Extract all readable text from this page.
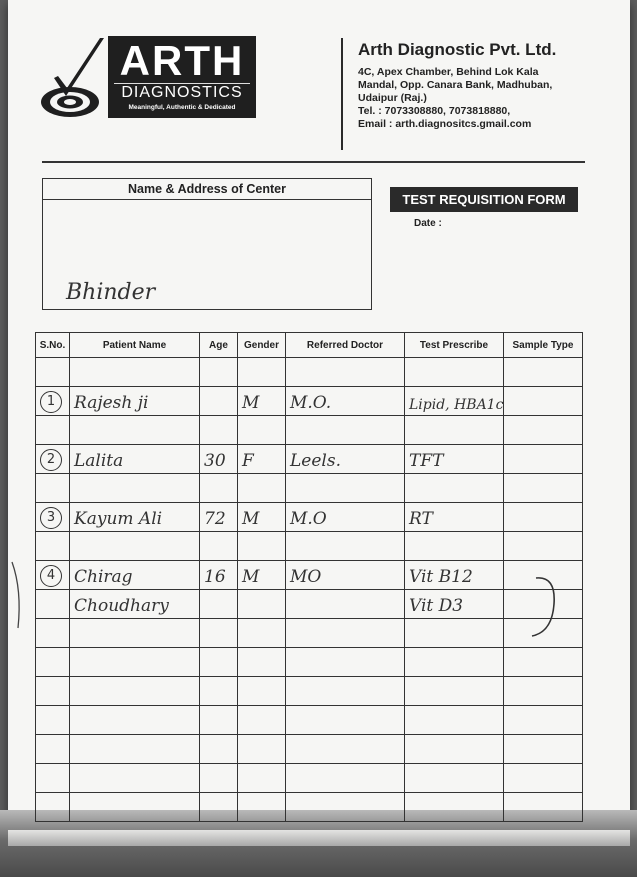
ARTH
DIAGNOSTICS
Meaningful, Authentic & Dedicated
Arth Diagnostic Pvt. Ltd.
4C, Apex Chamber, Behind Lok Kala
Mandal, Opp. Canara Bank, Madhuban,
Udaipur (Raj.)
Tel. : 7073308880, 7073818880,
Email : arth.diagnositcs.gmail.com
Name & Address of Center
Bhinder
TEST REQUISITION FORM
Date :
S.No.	Patient Name	Age	Gender	Referred Doctor	Test Prescribe	Sample Type

1	Rajesh ji		M	M.O.	Lipid, HBA1c	

2	Lalita	30	F	Leels.	TFT	

3	Kayum Ali	72	M	M.O	RT	

4	Chirag	16	M	MO	Vit B12	

	Choudhary				Vit D3	
